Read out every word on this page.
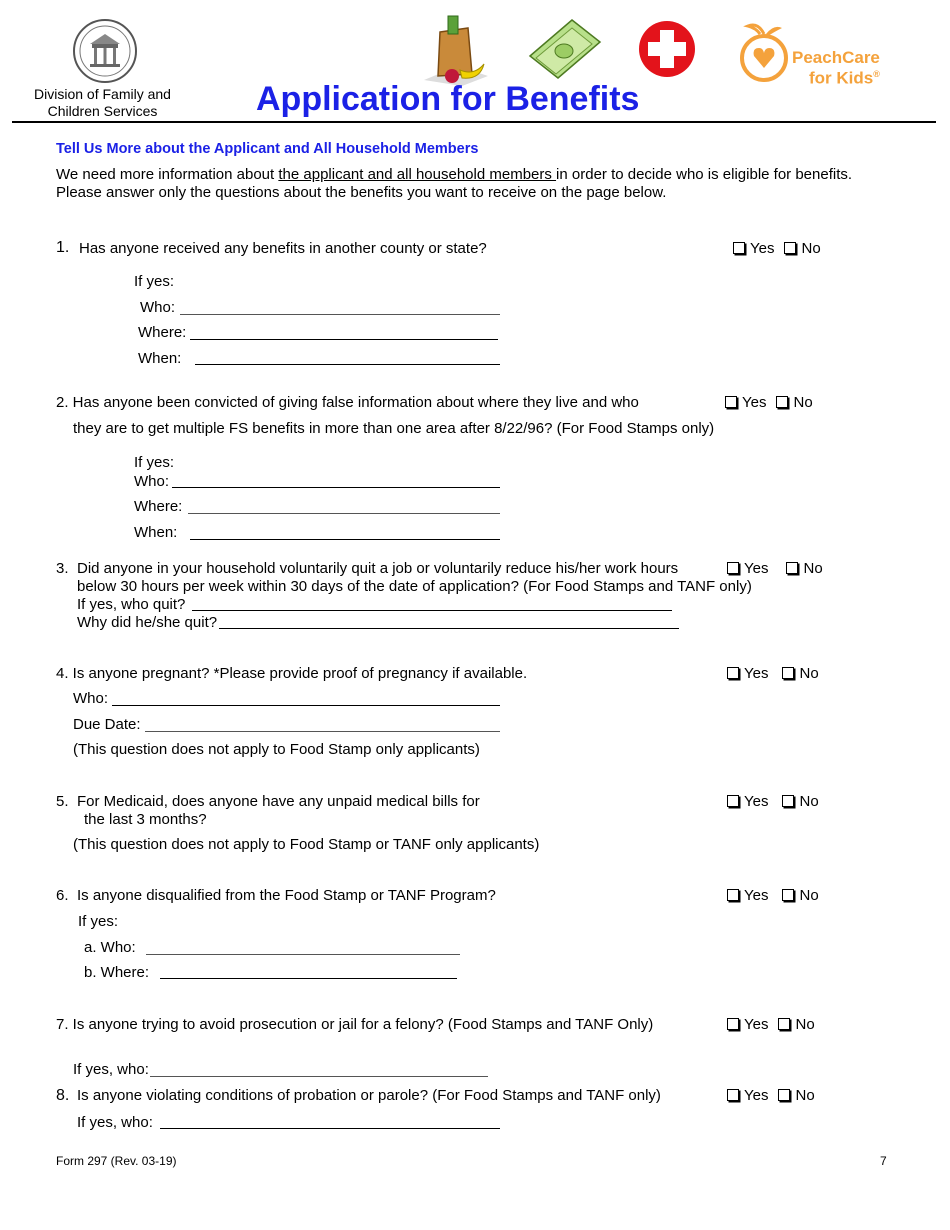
Division of Family and
Children Services
PeachCare
for Kids®
Application for Benefits
Tell Us More about the Applicant and All Household Members
We need more information about the applicant and all household members in order to decide who is eligible for benefits.
Please answer only the questions about the benefits you want to receive on the page below.
1. Has anyone received any benefits in another county or state?	Yes No
If yes:
Who:
Where:
When:
2. Has anyone been convicted of giving false information about where they live and who
they are to get multiple FS benefits in more than one area after 8/22/96? (For Food Stamps only)
Yes No
If yes:
Who:
Where:
When:
3. Did anyone in your household voluntarily quit a job or voluntarily reduce his/her work hours
below 30 hours per week within 30 days of the date of application? (For Food Stamps and TANF only)
Yes No
If yes, who quit?
Why did he/she quit?
4. Is anyone pregnant? *Please provide proof of pregnancy if available.	Yes No
Who:
Due Date:
(This question does not apply to Food Stamp only applicants)
5. For Medicaid, does anyone have any unpaid medical bills for
the last 3 months?
Yes No
(This question does not apply to Food Stamp or TANF only applicants)
6. Is anyone disqualified from the Food Stamp or TANF Program?	Yes No
If yes:
a. Who:
b. Where:
7. Is anyone trying to avoid prosecution or jail for a felony? (Food Stamps and TANF Only)	Yes No
If yes, who:
8. Is anyone violating conditions of probation or parole? (For Food Stamps and TANF only)	Yes No
If yes, who:
Form 297 (Rev. 03-19)	7
